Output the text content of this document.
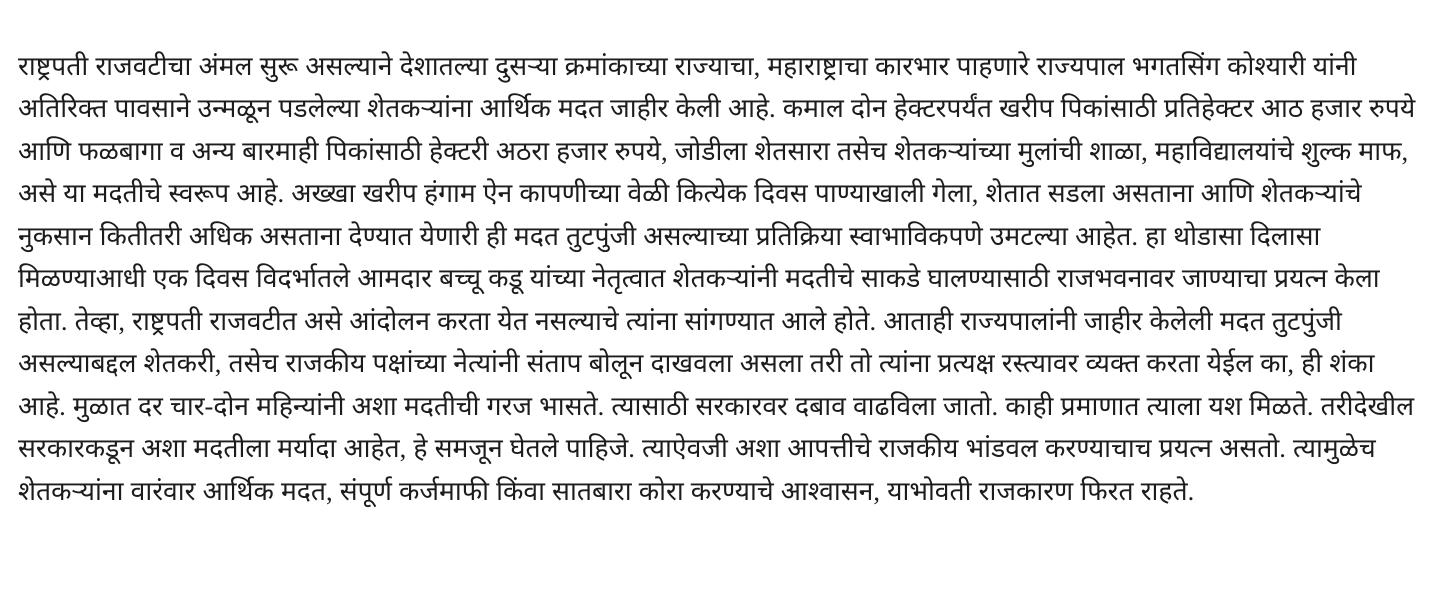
राष्ट्रपती राजवटीचा अंमल सुरू असल्याने देशातल्या दुसऱ्या क्रमांकाच्या राज्याचा, महाराष्ट्राचा कारभार पाहणारे राज्यपाल भगतसिंग कोश्यारी यांनी अतिरिक्त पावसाने उन्मळून पडलेल्या शेतकऱ्यांना आर्थिक मदत जाहीर केली आहे. कमाल दोन हेक्टरपर्यंत खरीप पिकांसाठी प्रतिहेक्टर आठ हजार रुपये आणि फळबागा व अन्य बारमाही पिकांसाठी हेक्टरी अठरा हजार रुपये, जोडीला शेतसारा तसेच शेतकऱ्यांच्या मुलांची शाळा, महाविद्यालयांचे शुल्क माफ, असे या मदतीचे स्वरूप आहे. अख्खा खरीप हंगाम ऐन कापणीच्या वेळी कित्येक दिवस पाण्याखाली गेला, शेतात सडला असताना आणि शेतकऱ्यांचे नुकसान कितीतरी अधिक असताना देण्यात येणारी ही मदत तुटपुंजी असल्याच्या प्रतिक्रिया स्वाभाविकपणे उमटल्या आहेत. हा थोडासा दिलासा मिळण्याआधी एक दिवस विदर्भातले आमदार बच्चू कडू यांच्या नेतृत्वात शेतकऱ्यांनी मदतीचे साकडे घालण्यासाठी राजभवनावर जाण्याचा प्रयत्न केला होता. तेव्हा, राष्ट्रपती राजवटीत असे आंदोलन करता येत नसल्याचे त्यांना सांगण्यात आले होते. आताही राज्यपालांनी जाहीर केलेली मदत तुटपुंजी असल्याबद्दल शेतकरी, तसेच राजकीय पक्षांच्या नेत्यांनी संताप बोलून दाखवला असला तरी तो त्यांना प्रत्यक्ष रस्त्यावर व्यक्त करता येईल का, ही शंका आहे. मुळात दर चार-दोन महिन्यांनी अशा मदतीची गरज भासते. त्यासाठी सरकारवर दबाव वाढविला जातो. काही प्रमाणात त्याला यश मिळते. तरीदेखील सरकारकडून अशा मदतीला मर्यादा आहेत, हे समजून घेतले पाहिजे. त्याऐवजी अशा आपत्तीचे राजकीय भांडवल करण्याचाच प्रयत्न असतो. त्यामुळेच शेतकऱ्यांना वारंवार आर्थिक मदत, संपूर्ण कर्जमाफी किंवा सातबारा कोरा करण्याचे आश्वासन, याभोवती राजकारण फिरत राहते.
